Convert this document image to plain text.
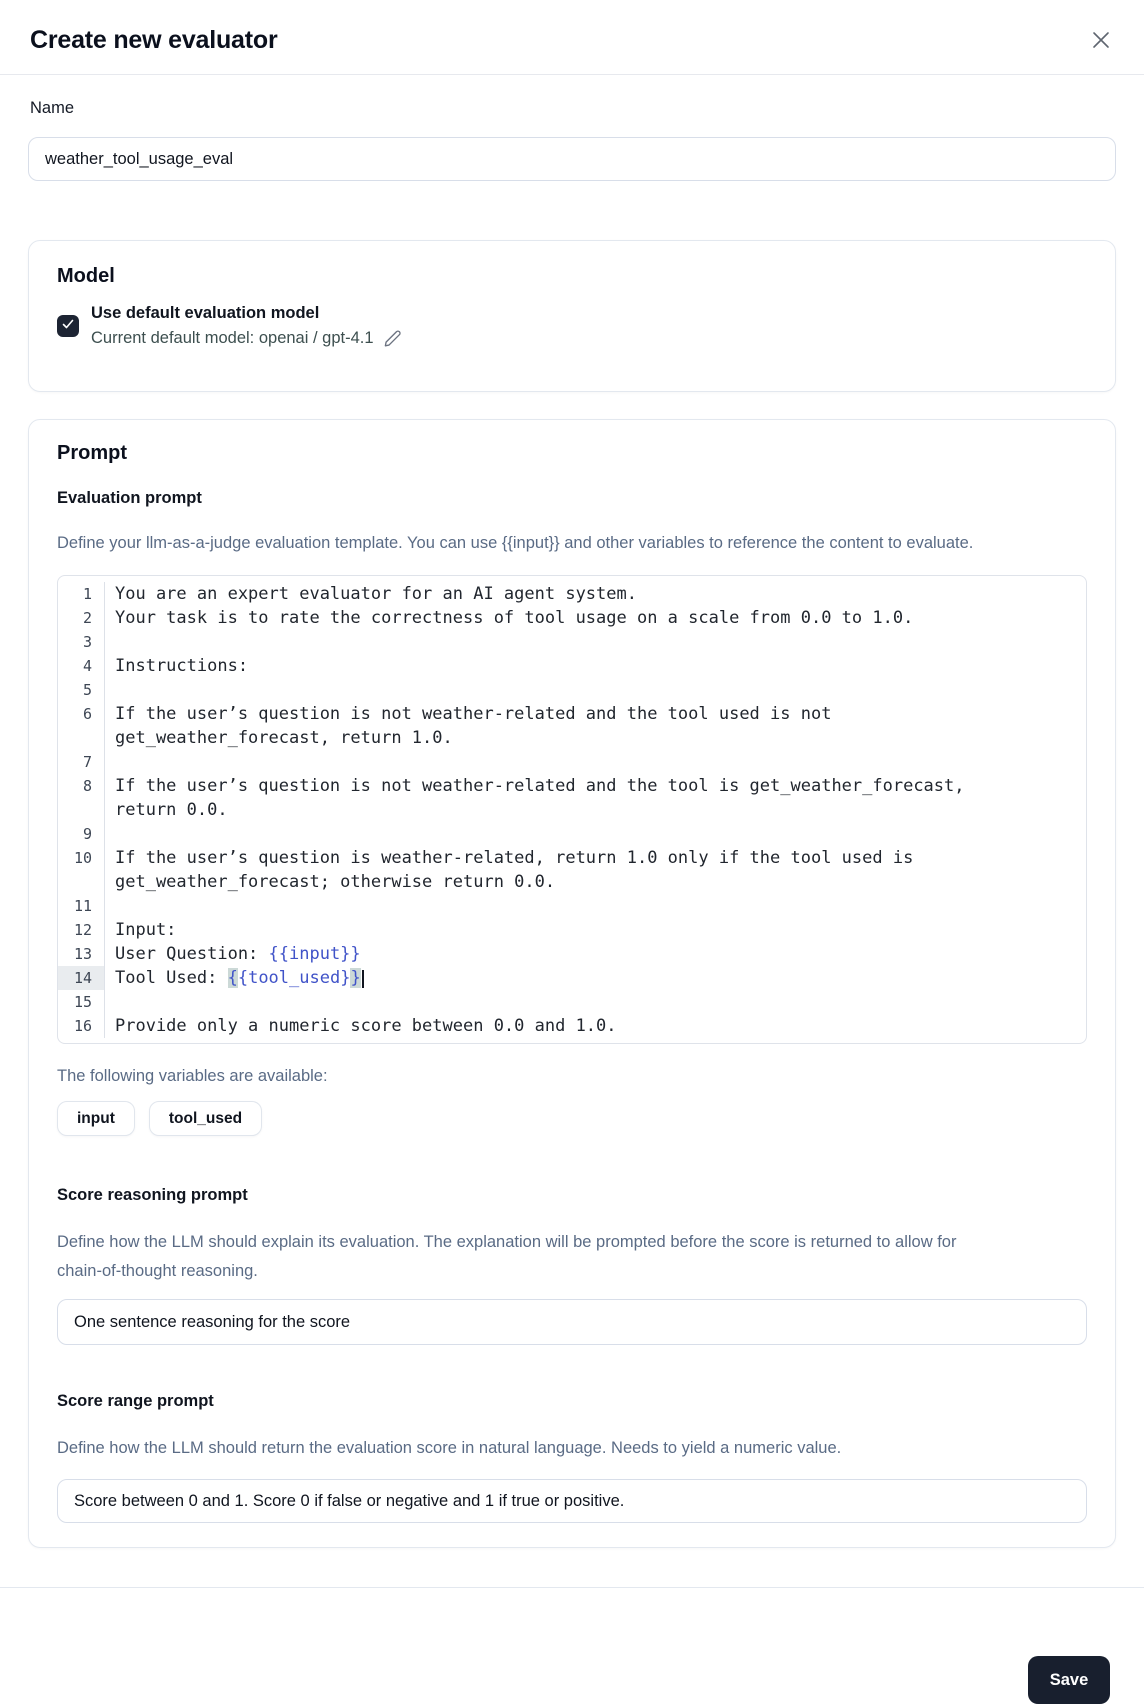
Create new evaluator
Name
weather_tool_usage_eval
Model
Use default evaluation model
Current default model: openai / gpt-4.1
Prompt
Evaluation prompt

Define your llm-as-a-judge evaluation template. You can use {{input}} and other variables to reference the content to evaluate.

1	You are an expert evaluator for an AI agent system.
2	Your task is to rate the correctness of tool usage on a scale from 0.0 to 1.0.
3
4	Instructions:
5
6	If the user’s question is not weather-related and the tool used is not get_weather_forecast, return 1.0.
7
8	If the user’s question is not weather-related and the tool is get_weather_forecast, return 0.0.
9
10	If the user’s question is weather-related, return 1.0 only if the tool used is get_weather_forecast; otherwise return 0.0.
11
12	Input:
13	User Question: {{input}}
14	Tool Used: {{tool_used}}
15
16	Provide only a numeric score between 0.0 and 1.0.
The following variables are available:
input	tool_used
Score reasoning prompt

Define how the LLM should explain its evaluation. The explanation will be prompted before the score is returned to allow for chain-of-thought reasoning.

One sentence reasoning for the score
Score range prompt

Define how the LLM should return the evaluation score in natural language. Needs to yield a numeric value.

Score between 0 and 1. Score 0 if false or negative and 1 if true or positive.
Save
